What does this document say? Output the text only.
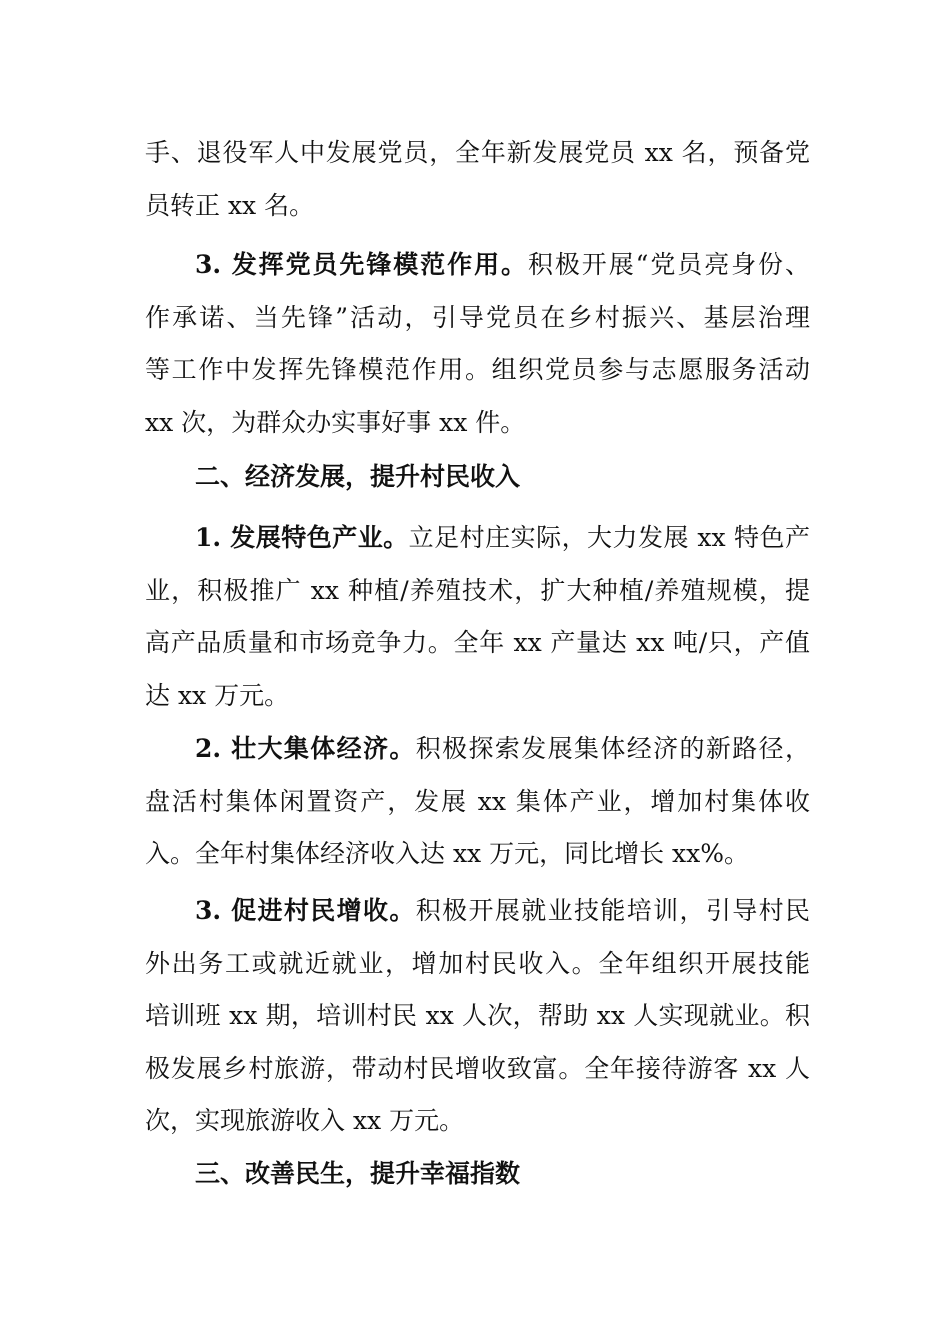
手、退役军人中发展党员，全年新发展党员 xx 名，预备党
员转正 xx 名。
3. 发挥党员先锋模范作用。积极开展“党员亮身份、
作承诺、当先锋”活动，引导党员在乡村振兴、基层治理
等工作中发挥先锋模范作用。组织党员参与志愿服务活动
xx 次，为群众办实事好事 xx 件。
二、经济发展，提升村民收入
1. 发展特色产业。立足村庄实际，大力发展 xx 特色产
业，积极推广 xx 种植/养殖技术，扩大种植/养殖规模，提
高产品质量和市场竞争力。全年 xx 产量达 xx 吨/只，产值
达 xx 万元。
2. 壮大集体经济。积极探索发展集体经济的新路径，
盘活村集体闲置资产，发展 xx 集体产业，增加村集体收
入。全年村集体经济收入达 xx 万元，同比增长 xx%。
3. 促进村民增收。积极开展就业技能培训，引导村民
外出务工或就近就业，增加村民收入。全年组织开展技能
培训班 xx 期，培训村民 xx 人次，帮助 xx 人实现就业。积
极发展乡村旅游，带动村民增收致富。全年接待游客 xx 人
次，实现旅游收入 xx 万元。
三、改善民生，提升幸福指数
